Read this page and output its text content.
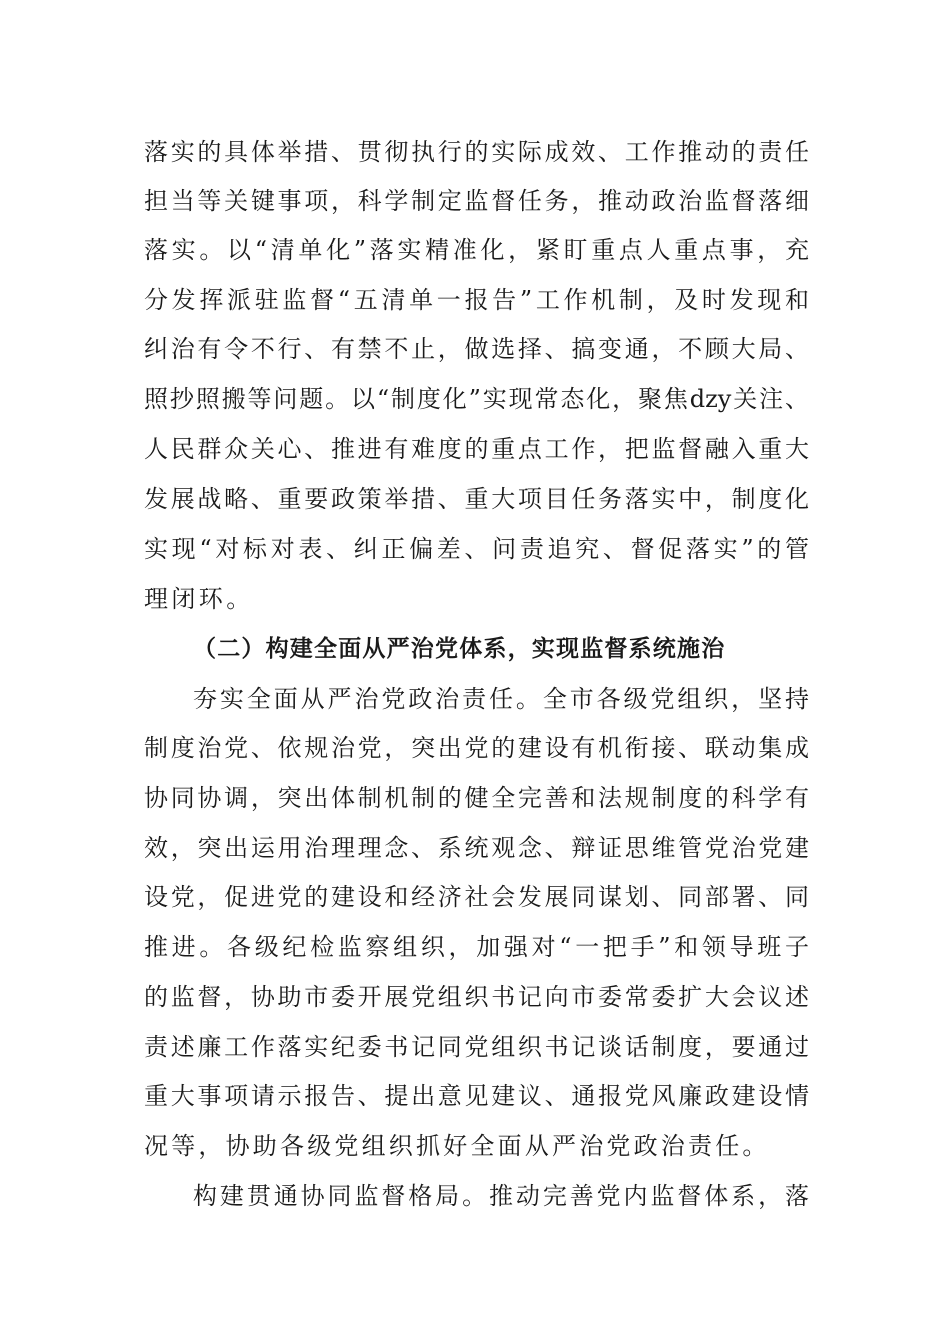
落实的具体举措、贯彻执行的实际成效、工作推动的责任
担当等关键事项，科学制定监督任务，推动政治监督落细
落实。以“清单化”落实精准化，紧盯重点人重点事，充
分发挥派驻监督“五清单一报告”工作机制，及时发现和
纠治有令不行、有禁不止，做选择、搞变通，不顾大局、
照抄照搬等问题。以“制度化”实现常态化，聚焦dzy关注、
人民群众关心、推进有难度的重点工作，把监督融入重大
发展战略、重要政策举措、重大项目任务落实中，制度化
实现“对标对表、纠正偏差、问责追究、督促落实”的管
理闭环。
（二）构建全面从严治党体系，实现监督系统施治
夯实全面从严治党政治责任。全市各级党组织，坚持
制度治党、依规治党，突出党的建设有机衔接、联动集成
协同协调，突出体制机制的健全完善和法规制度的科学有
效，突出运用治理理念、系统观念、辩证思维管党治党建
设党，促进党的建设和经济社会发展同谋划、同部署、同
推进。各级纪检监察组织，加强对“一把手”和领导班子
的监督，协助市委开展党组织书记向市委常委扩大会议述
责述廉工作落实纪委书记同党组织书记谈话制度，要通过
重大事项请示报告、提出意见建议、通报党风廉政建设情
况等，协助各级党组织抓好全面从严治党政治责任。
构建贯通协同监督格局。推动完善党内监督体系，落
